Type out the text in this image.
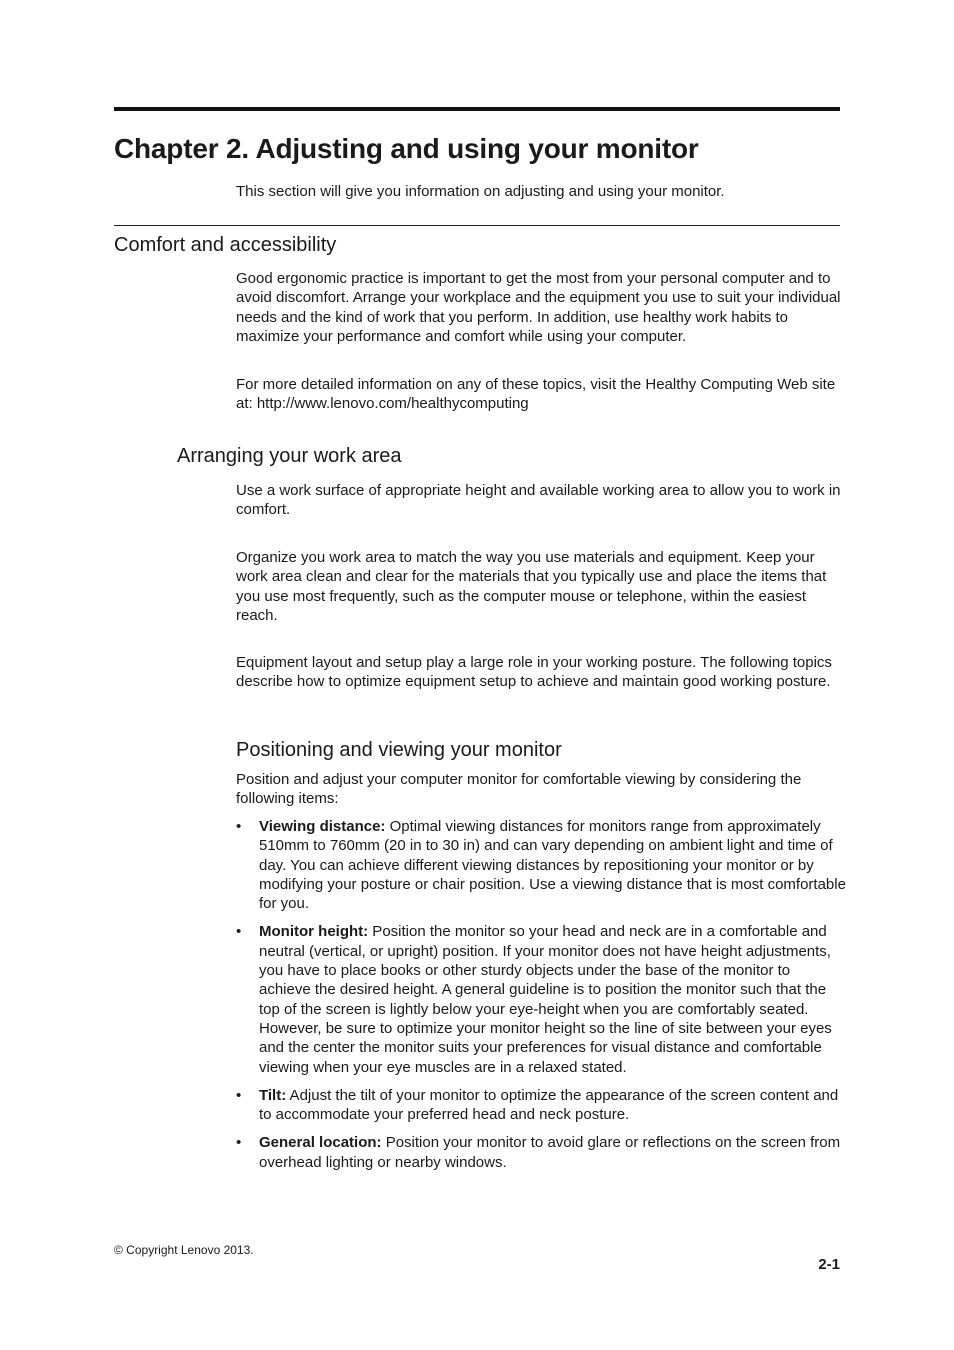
Chapter 2. Adjusting and using your monitor

This section will give you information on adjusting and using your monitor.

Comfort and accessibility

Good ergonomic practice is important to get the most from your personal computer and to avoid discomfort. Arrange your workplace and the equipment you use to suit your individual needs and the kind of work that you perform. In addition, use healthy work habits to maximize your performance and comfort while using your computer.

For more detailed information on any of these topics, visit the Healthy Computing Web site at: http://www.lenovo.com/healthycomputing

Arranging your work area

Use a work surface of appropriate height and available working area to allow you to work in comfort.

Organize you work area to match the way you use materials and equipment. Keep your work area clean and clear for the materials that you typically use and place the items that you use most frequently, such as the computer mouse or telephone, within the easiest reach.

Equipment layout and setup play a large role in your working posture. The following topics describe how to optimize equipment setup to achieve and maintain good working posture.

Positioning and viewing your monitor

Position and adjust your computer monitor for comfortable viewing by considering the following items:

• Viewing distance: Optimal viewing distances for monitors range from approximately 510mm to 760mm (20 in to 30 in) and can vary depending on ambient light and time of day. You can achieve different viewing distances by repositioning your monitor or by modifying your posture or chair position. Use a viewing distance that is most comfortable for you.
• Monitor height: Position the monitor so your head and neck are in a comfortable and neutral (vertical, or upright) position. If your monitor does not have height adjustments, you have to place books or other sturdy objects under the base of the monitor to achieve the desired height. A general guideline is to position the monitor such that the top of the screen is lightly below your eye-height when you are comfortably seated. However, be sure to optimize your monitor height so the line of site between your eyes and the center the monitor suits your preferences for visual distance and comfortable viewing when your eye muscles are in a relaxed stated.
• Tilt: Adjust the tilt of your monitor to optimize the appearance of the screen content and to accommodate your preferred head and neck posture.
• General location: Position your monitor to avoid glare or reflections on the screen from overhead lighting or nearby windows.

© Copyright Lenovo 2013.

2-1
